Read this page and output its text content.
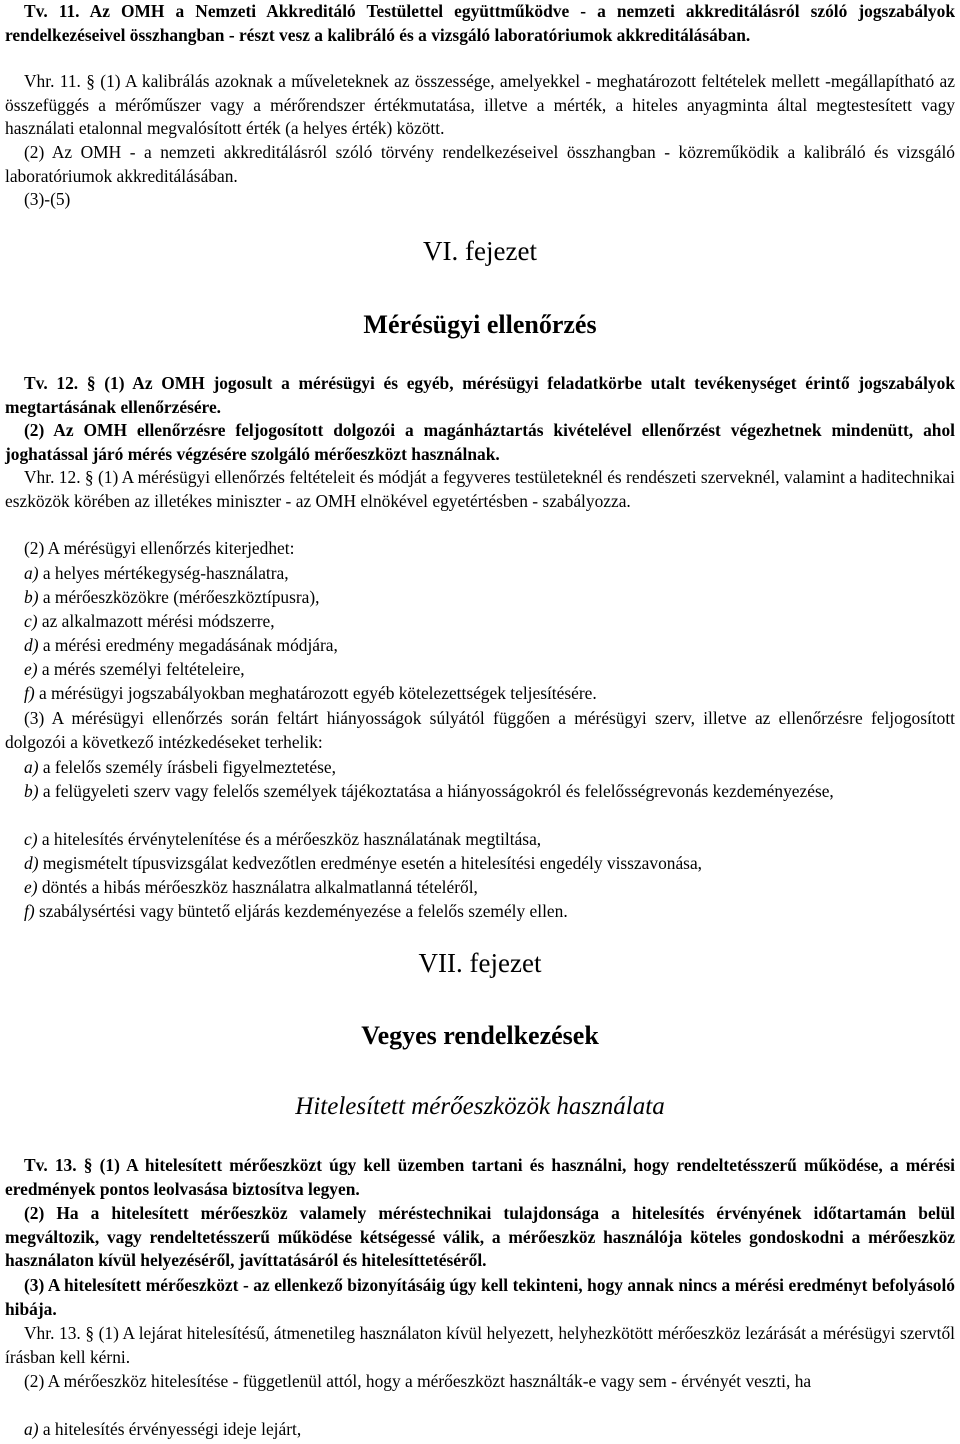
Tv. 11. Az OMH a Nemzeti Akkreditáló Testülettel együttműködve - a nemzeti akkreditálásról szóló jogszabályok rendelkezéseivel összhangban - részt vesz a kalibráló és a vizsgáló laboratóriumok akkreditálásában.

Vhr. 11. § (1) A kalibrálás azoknak a műveleteknek az összessége, amelyekkel - meghatározott feltételek mellett -megállapítható az összefüggés a mérőműszer vagy a mérőrendszer értékmutatása, illetve a mérték, a hiteles anyagminta által megtestesített vagy használati etalonnal megvalósított érték (a helyes érték) között.

(2) Az OMH - a nemzeti akkreditálásról szóló törvény rendelkezéseivel összhangban - közreműködik a kalibráló és vizsgáló laboratóriumok akkreditálásában.

(3)-(5)

VI. fejezet
Mérésügyi ellenőrzés

Tv. 12. § (1) Az OMH jogosult a mérésügyi és egyéb, mérésügyi feladatkörbe utalt tevékenységet érintő jogszabályok megtartásának ellenőrzésére.

(2) Az OMH ellenőrzésre feljogosított dolgozói a magánháztartás kivételével ellenőrzést végezhetnek mindenütt, ahol joghatással járó mérés végzésére szolgáló mérőeszközt használnak.

Vhr. 12. § (1) A mérésügyi ellenőrzés feltételeit és módját a fegyveres testületeknél és rendészeti szerveknél, valamint a haditechnikai eszközök körében az illetékes miniszter - az OMH elnökével egyetértésben - szabályozza.

(2) A mérésügyi ellenőrzés kiterjedhet:

a) a helyes mértékegység-használatra,

b) a mérőeszközökre (mérőeszköztípusra),

c) az alkalmazott mérési módszerre,

d) a mérési eredmény megadásának módjára,

e) a mérés személyi feltételeire,

f) a mérésügyi jogszabályokban meghatározott egyéb kötelezettségek teljesítésére.

(3) A mérésügyi ellenőrzés során feltárt hiányosságok súlyától függően a mérésügyi szerv, illetve az ellenőrzésre feljogosított dolgozói a következő intézkedéseket terhelik:

a) a felelős személy írásbeli figyelmeztetése,

b) a felügyeleti szerv vagy felelős személyek tájékoztatása a hiányosságokról és felelősségrevonás kezdeményezése,

c) a hitelesítés érvénytelenítése és a mérőeszköz használatának megtiltása,

d) megismételt típusvizsgálat kedvezőtlen eredménye esetén a hitelesítési engedély visszavonása,

e) döntés a hibás mérőeszköz használatra alkalmatlanná tételéről,

f) szabálysértési vagy büntető eljárás kezdeményezése a felelős személy ellen.

VII. fejezet
Vegyes rendelkezések
Hitelesített mérőeszközök használata

Tv. 13. § (1) A hitelesített mérőeszközt úgy kell üzemben tartani és használni, hogy rendeltetésszerű működése, a mérési eredmények pontos leolvasása biztosítva legyen.

(2) Ha a hitelesített mérőeszköz valamely méréstechnikai tulajdonsága a hitelesítés érvényének időtartamán belül megváltozik, vagy rendeltetésszerű működése kétségessé válik, a mérőeszköz használója köteles gondoskodni a mérőeszköz használaton kívül helyezéséről, javíttatásáról és hitelesíttetéséről.

(3) A hitelesített mérőeszközt - az ellenkező bizonyításáig úgy kell tekinteni, hogy annak nincs a mérési eredményt befolyásoló hibája.

Vhr. 13. § (1) A lejárat hitelesítésű, átmenetileg használaton kívül helyezett, helyhezkötött mérőeszköz lezárását a mérésügyi szervtől írásban kell kérni.

(2) A mérőeszköz hitelesítése - függetlenül attól, hogy a mérőeszközt használták-e vagy sem - érvényét veszti, ha

a) a hitelesítés érvényességi ideje lejárt,
